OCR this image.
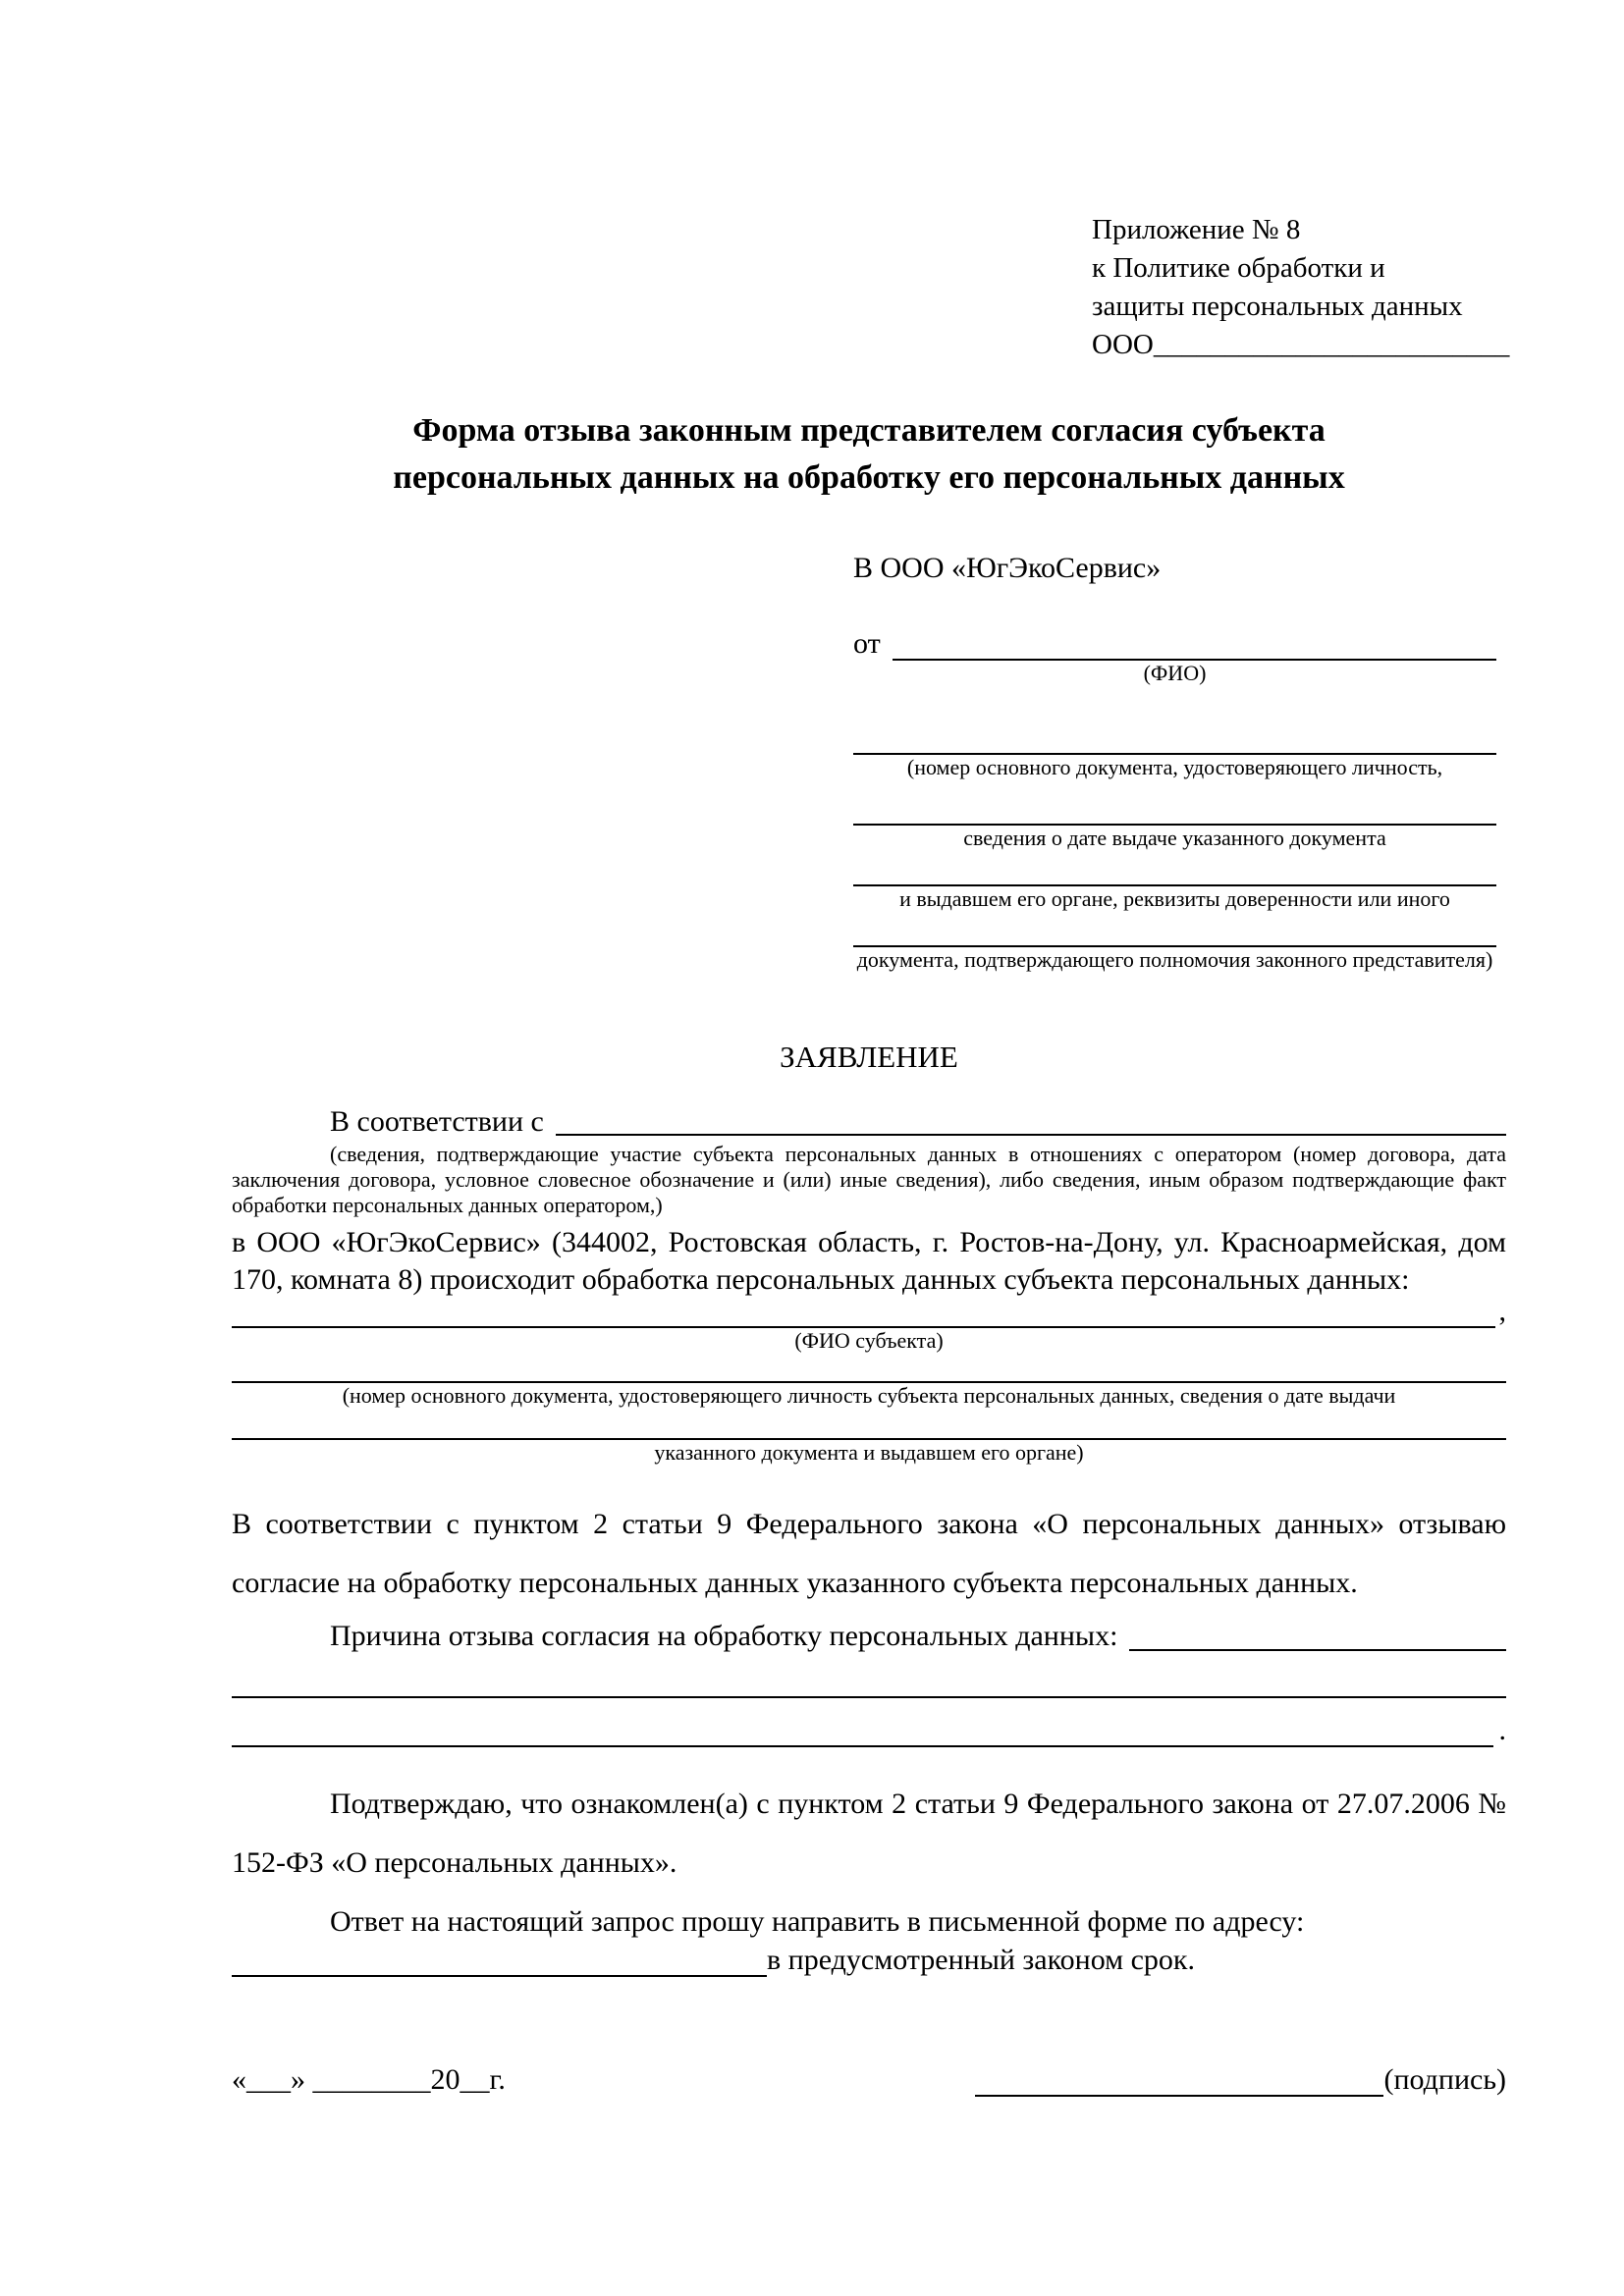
Приложение № 8
к Политике обработки и
защиты персональных данных
ООО_________________________
Форма отзыва законным представителем согласия субъекта
персональных данных на обработку его персональных данных
В ООО «ЮгЭкоСервис»
от
(ФИО)
(номер основного документа, удостоверяющего личность,
сведения о дате выдаче указанного документа
и выдавшем его органе, реквизиты доверенности или иного
документа, подтверждающего полномочия законного представителя)
ЗАЯВЛЕНИЕ
В соответствии с
(сведения, подтверждающие участие субъекта персональных данных в отношениях с оператором (номер договора, дата заключения договора, условное словесное обозначение и (или) иные сведения), либо сведения, иным образом подтверждающие факт обработки персональных данных оператором,)
в ООО «ЮгЭкоСервис» (344002, Ростовская область, г. Ростов-на-Дону, ул. Красноармейская, дом 170, комната 8) происходит обработка персональных данных субъекта персональных данных:
,
(ФИО субъекта)
(номер основного документа, удостоверяющего личность субъекта персональных данных, сведения о дате выдачи
указанного документа и выдавшем его органе)
В соответствии с пунктом 2 статьи 9 Федерального закона «О персональных данных» отзываю согласие на обработку персональных данных указанного субъекта персональных данных.
Причина отзыва согласия на обработку персональных данных:
.
Подтверждаю, что ознакомлен(а) с пунктом 2 статьи 9 Федерального закона от 27.07.2006 № 152-ФЗ «О персональных данных».
Ответ на настоящий запрос прошу направить в письменной форме по адресу:
в предусмотренный законом срок.
«___» ________20__г.	(подпись)
